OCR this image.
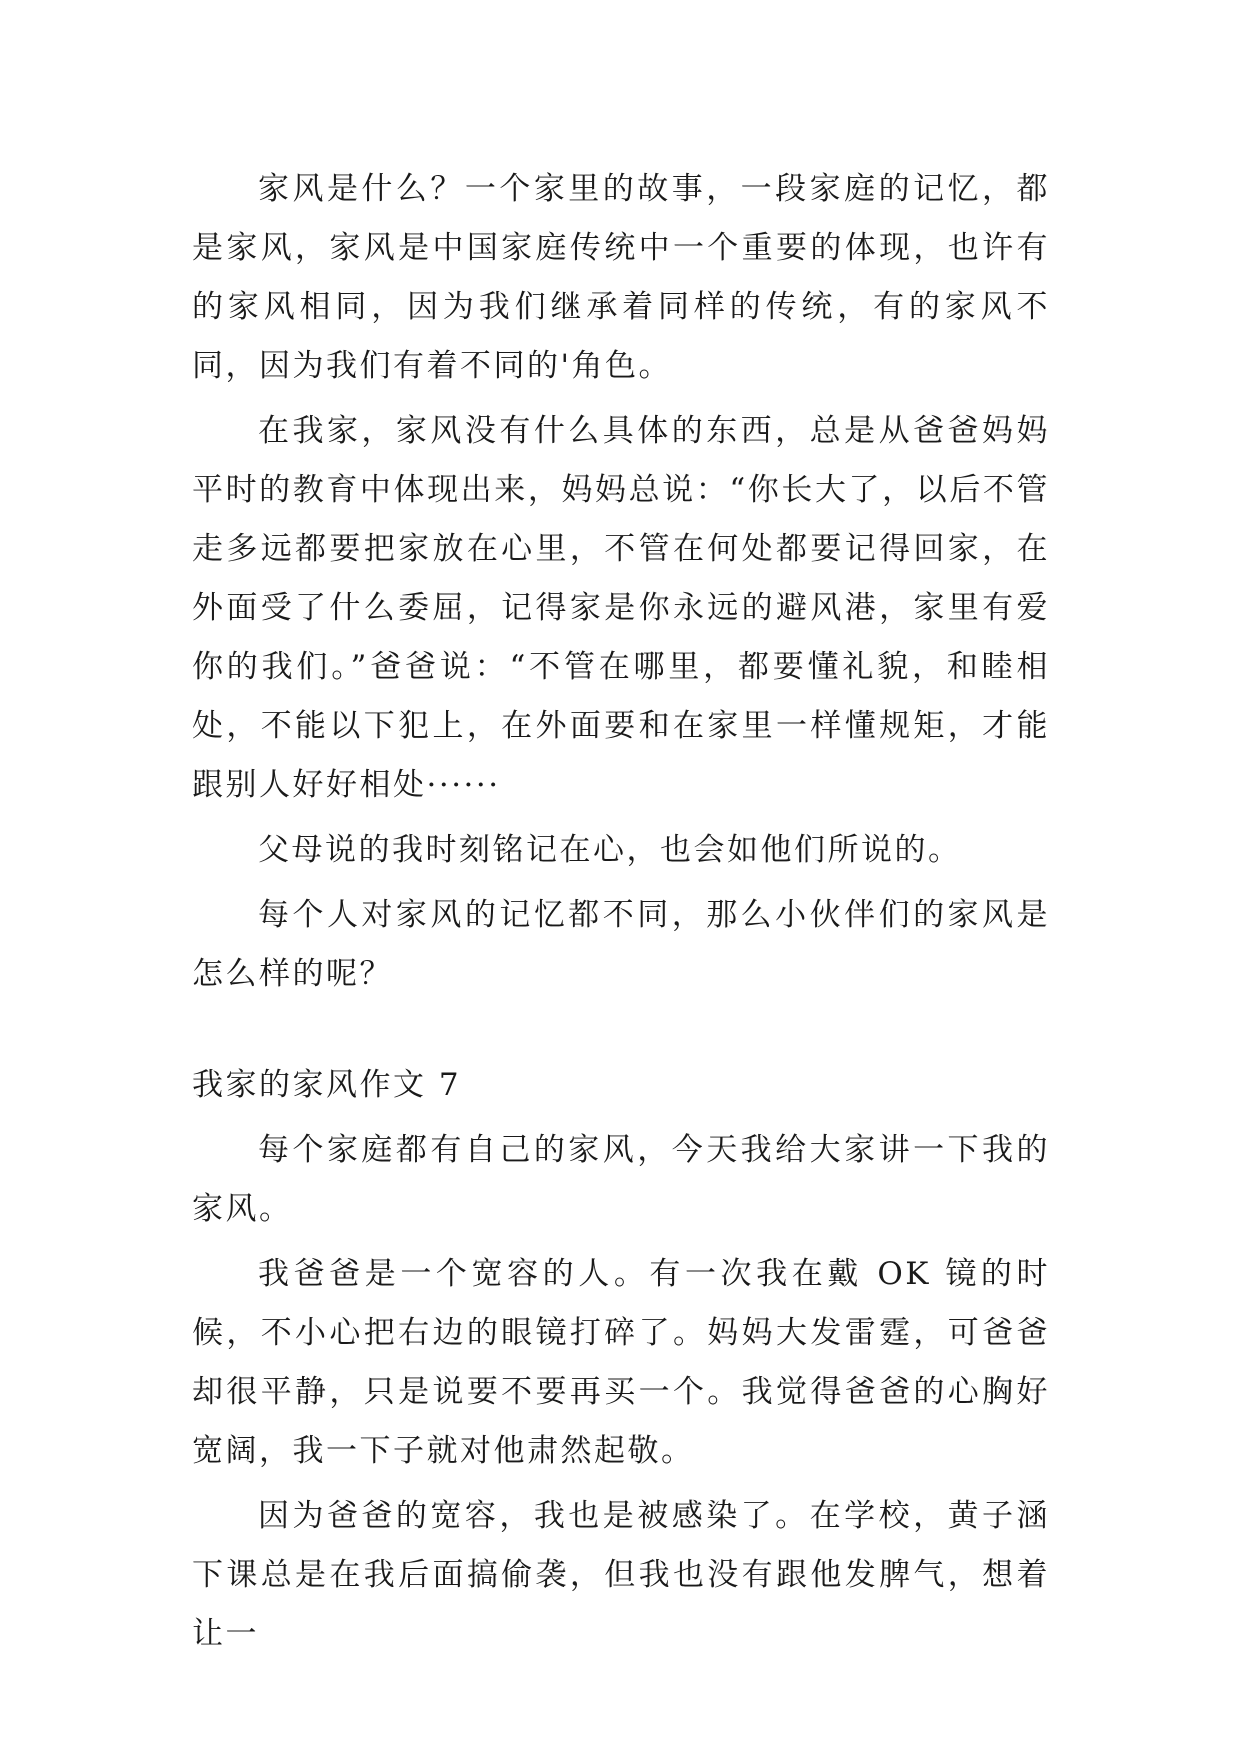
家风是什么？一个家里的故事，一段家庭的记忆，都是家风，家风是中国家庭传统中一个重要的体现，也许有的家风相同，因为我们继承着同样的传统，有的家风不同，因为我们有着不同的'角色。

在我家，家风没有什么具体的东西，总是从爸爸妈妈平时的教育中体现出来，妈妈总说：“你长大了，以后不管走多远都要把家放在心里，不管在何处都要记得回家，在外面受了什么委屈，记得家是你永远的避风港，家里有爱你的我们。”爸爸说：“不管在哪里，都要懂礼貌，和睦相处，不能以下犯上，在外面要和在家里一样懂规矩，才能跟别人好好相处······

父母说的我时刻铭记在心，也会如他们所说的。

每个人对家风的记忆都不同，那么小伙伴们的家风是怎么样的呢？

我家的家风作文 7

每个家庭都有自己的家风，今天我给大家讲一下我的家风。

我爸爸是一个宽容的人。有一次我在戴 OK 镜的时候，不小心把右边的眼镜打碎了。妈妈大发雷霆，可爸爸却很平静，只是说要不要再买一个。我觉得爸爸的心胸好宽阔，我一下子就对他肃然起敬。

因为爸爸的宽容，我也是被感染了。在学校，黄子涵下课总是在我后面搞偷袭，但我也没有跟他发脾气，想着让一
